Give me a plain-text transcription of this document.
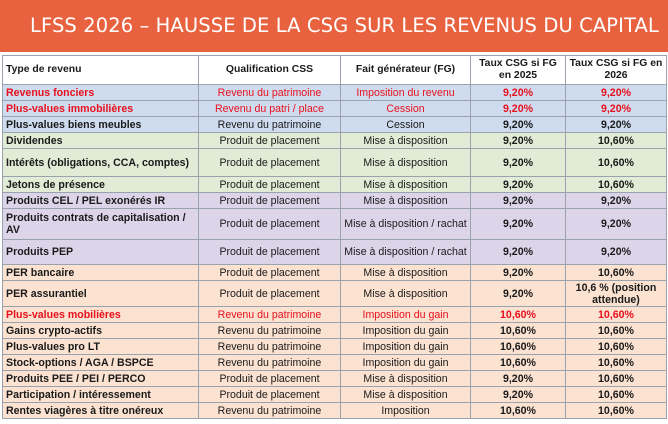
LFSS 2026 – HAUSSE DE LA CSG SUR LES REVENUS DU CAPITAL
Type de revenu	Qualification CSS	Fait générateur (FG)	Taux CSG si FG en 2025	Taux CSG si FG en 2026
Revenus fonciers	Revenu du patrimoine	Imposition du revenu	9,20%	9,20%
Plus-values immobilières	Revenu du patri / place	Cession	9,20%	9,20%
Plus-values biens meubles	Revenu du patrimoine	Cession	9,20%	9,20%
Dividendes	Produit de placement	Mise à disposition	9,20%	10,60%
Intérêts (obligations, CCA, comptes)	Produit de placement	Mise à disposition	9,20%	10,60%
Jetons de présence	Produit de placement	Mise à disposition	9,20%	10,60%
Produits CEL / PEL exonérés IR	Produit de placement	Mise à disposition	9,20%	9,20%
Produits contrats de capitalisation / AV	Produit de placement	Mise à disposition / rachat	9,20%	9,20%
Produits PEP	Produit de placement	Mise à disposition / rachat	9,20%	9,20%
PER bancaire	Produit de placement	Mise à disposition	9,20%	10,60%
PER assurantiel	Produit de placement	Mise à disposition	9,20%	10,6 % (position attendue)
Plus-values mobilières	Revenu du patrimoine	Imposition du gain	10,60%	10,60%
Gains crypto-actifs	Revenu du patrimoine	Imposition du gain	10,60%	10,60%
Plus-values pro LT	Revenu du patrimoine	Imposition du gain	10,60%	10,60%
Stock-options / AGA / BSPCE	Revenu du patrimoine	Imposition du gain	10,60%	10,60%
Produits PEE / PEI / PERCO	Produit de placement	Mise à disposition	9,20%	10,60%
Participation / intéressement	Produit de placement	Mise à disposition	9,20%	10,60%
Rentes viagères à titre onéreux	Revenu du patrimoine	Imposition	10,60%	10,60%
